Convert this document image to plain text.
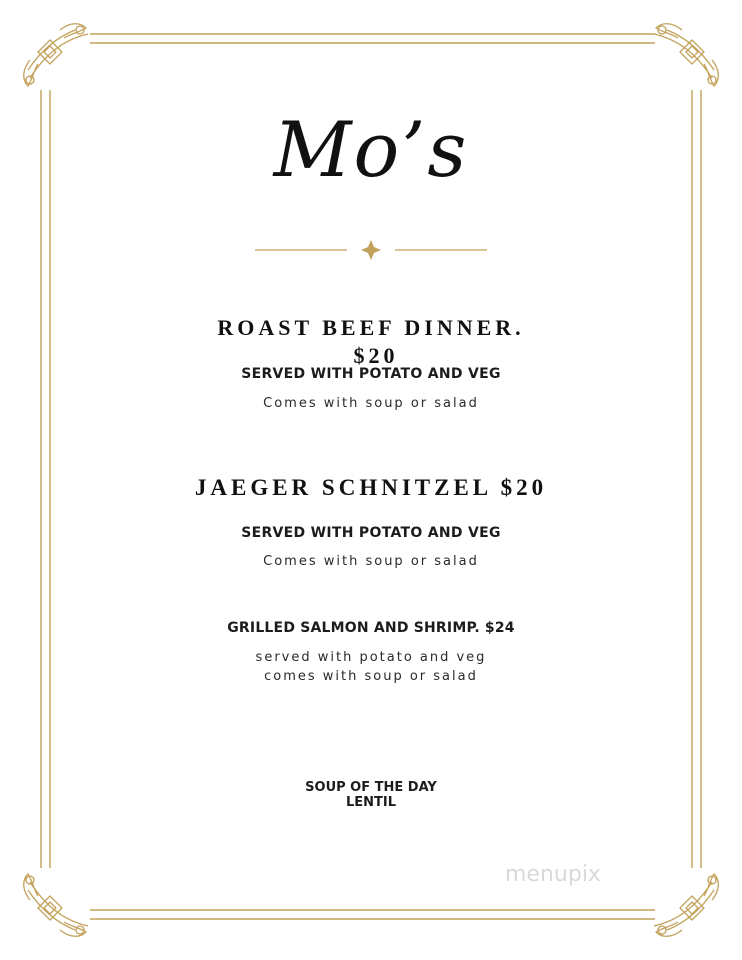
Mo’s
ROAST BEEF DINNER.
$20
SERVED WITH POTATO AND VEG
Comes with soup or salad
JAEGER SCHNITZEL $20
SERVED WITH POTATO AND VEG
Comes with soup or salad
GRILLED SALMON AND SHRIMP. $24
served with potato and veg
comes with soup or salad
SOUP OF THE DAY
LENTIL
menupix
